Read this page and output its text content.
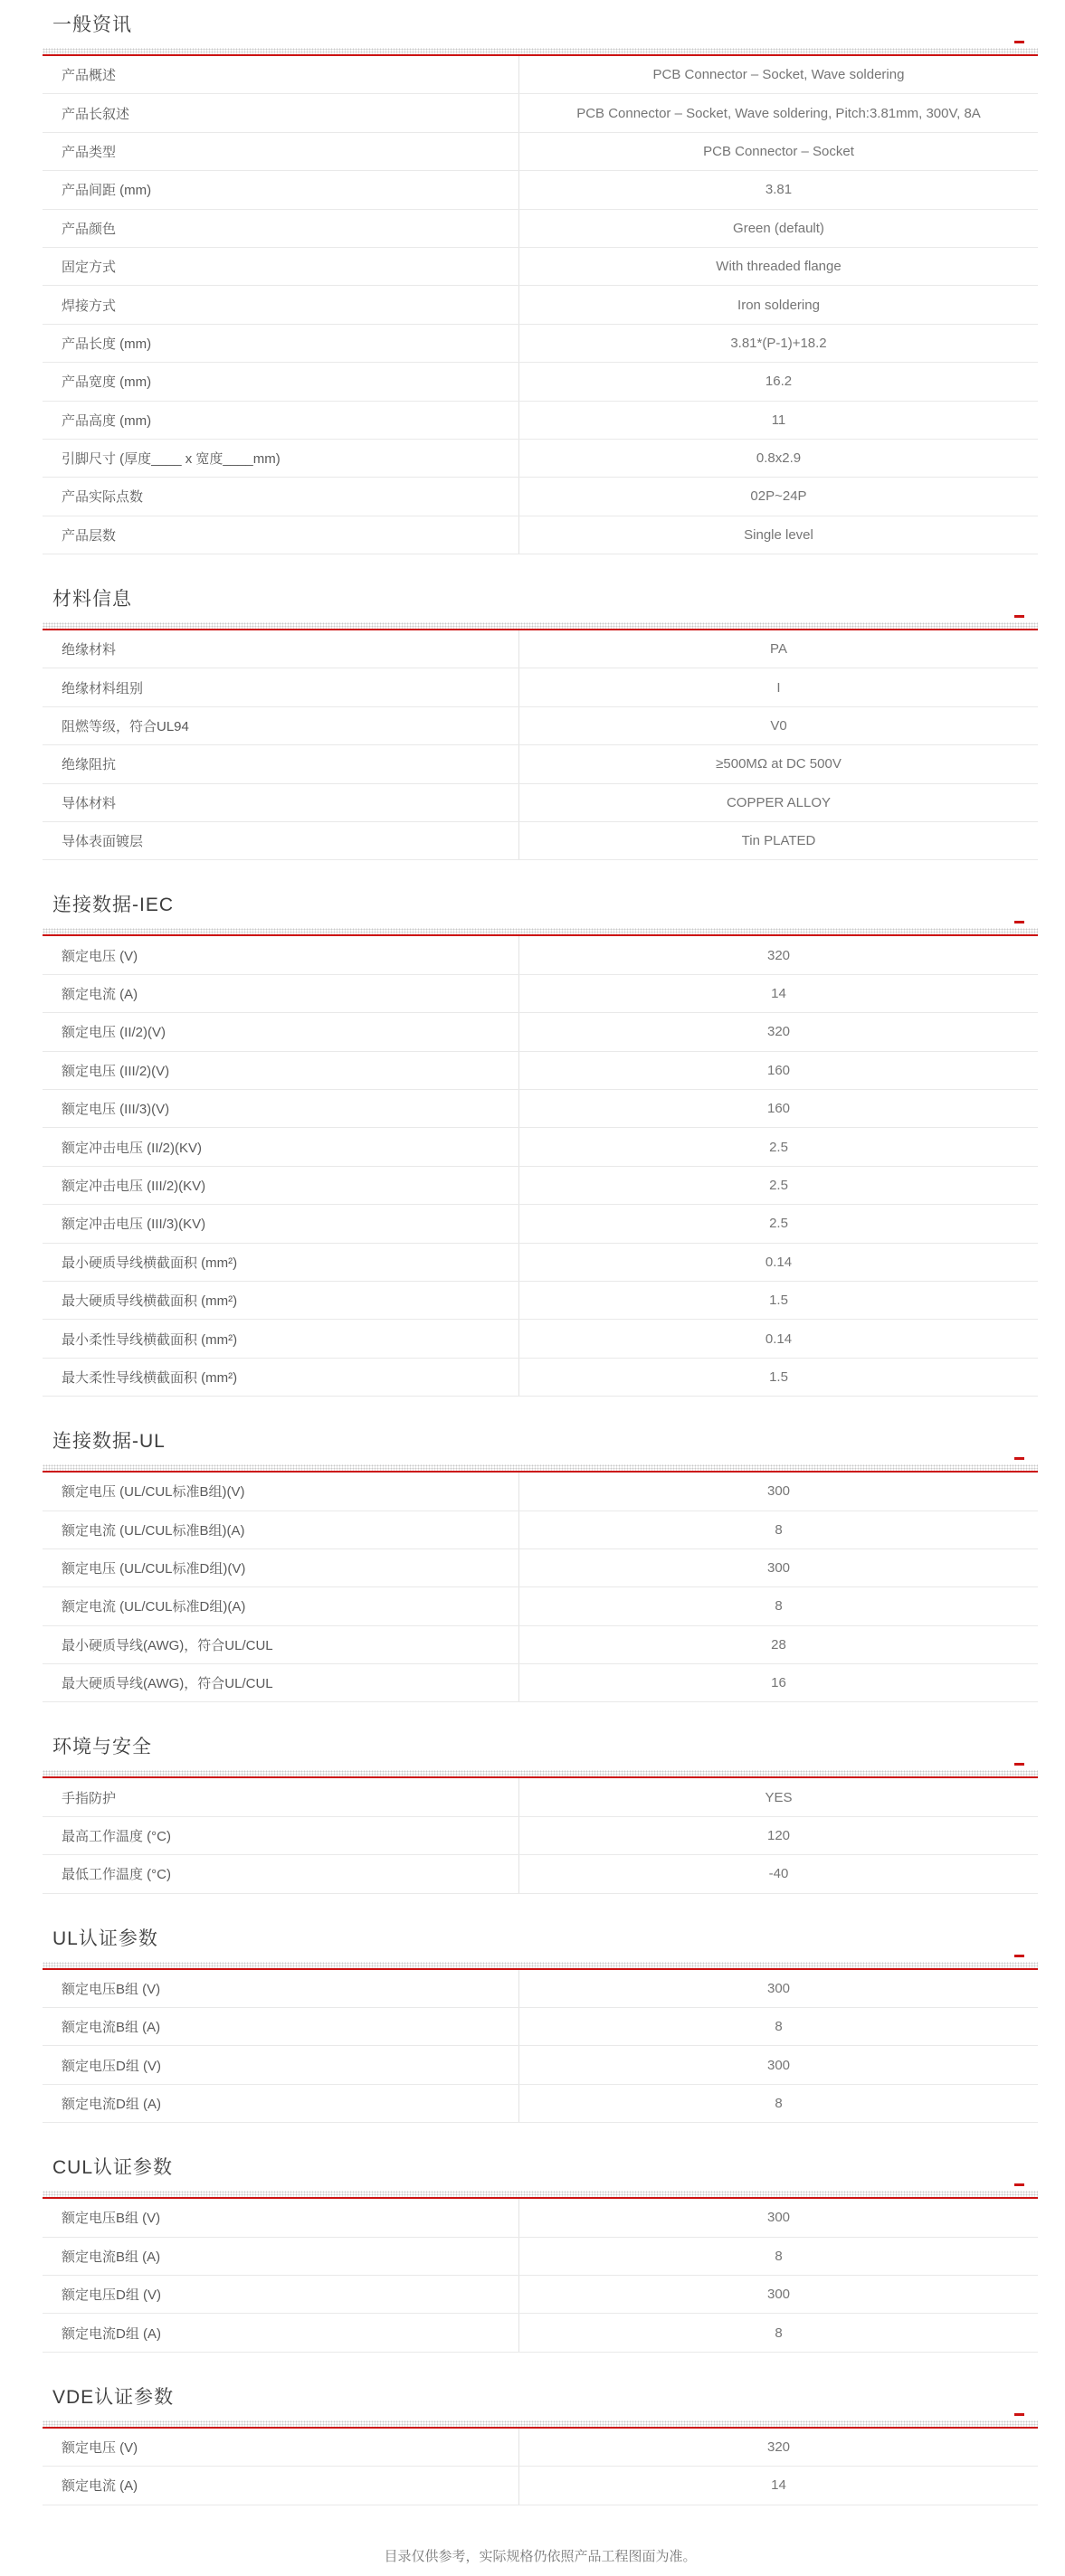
一般资讯
产品概述	PCB Connector – Socket, Wave soldering
产品长叙述	PCB Connector – Socket, Wave soldering, Pitch:3.81mm, 300V, 8A
产品类型	PCB Connector – Socket
产品间距 (mm)	3.81
产品颜色	Green (default)
固定方式	With threaded flange
焊接方式	Iron soldering
产品长度 (mm)	3.81*(P-1)+18.2
产品宽度 (mm)	16.2
产品高度 (mm)	11
引脚尺寸 (厚度____ x 宽度____mm)	0.8x2.9
产品实际点数	02P~24P
产品层数	Single level
材料信息
绝缘材料	PA
绝缘材料组别	I
阻燃等级，符合UL94	V0
绝缘阻抗	≥500MΩ at DC 500V
导体材料	COPPER ALLOY
导体表面镀层	Tin PLATED
连接数据-IEC
额定电压 (V)	320
额定电流 (A)	14
额定电压 (II/2)(V)	320
额定电压 (III/2)(V)	160
额定电压 (III/3)(V)	160
额定冲击电压 (II/2)(KV)	2.5
额定冲击电压 (III/2)(KV)	2.5
额定冲击电压 (III/3)(KV)	2.5
最小硬质导线横截面积 (mm²)	0.14
最大硬质导线横截面积 (mm²)	1.5
最小柔性导线横截面积 (mm²)	0.14
最大柔性导线横截面积 (mm²)	1.5
连接数据-UL
额定电压 (UL/CUL标准B组)(V)	300
额定电流 (UL/CUL标准B组)(A)	8
额定电压 (UL/CUL标准D组)(V)	300
额定电流 (UL/CUL标准D组)(A)	8
最小硬质导线(AWG)，符合UL/CUL	28
最大硬质导线(AWG)，符合UL/CUL	16
环境与安全
手指防护	YES
最高工作温度 (°C)	120
最低工作温度 (°C)	-40
UL认证参数
额定电压B组 (V)	300
额定电流B组 (A)	8
额定电压D组 (V)	300
额定电流D组 (A)	8
CUL认证参数
额定电压B组 (V)	300
额定电流B组 (A)	8
额定电压D组 (V)	300
额定电流D组 (A)	8
VDE认证参数
额定电压 (V)	320
额定电流 (A)	14
目录仅供参考，实际规格仍依照产品工程图面为准。
